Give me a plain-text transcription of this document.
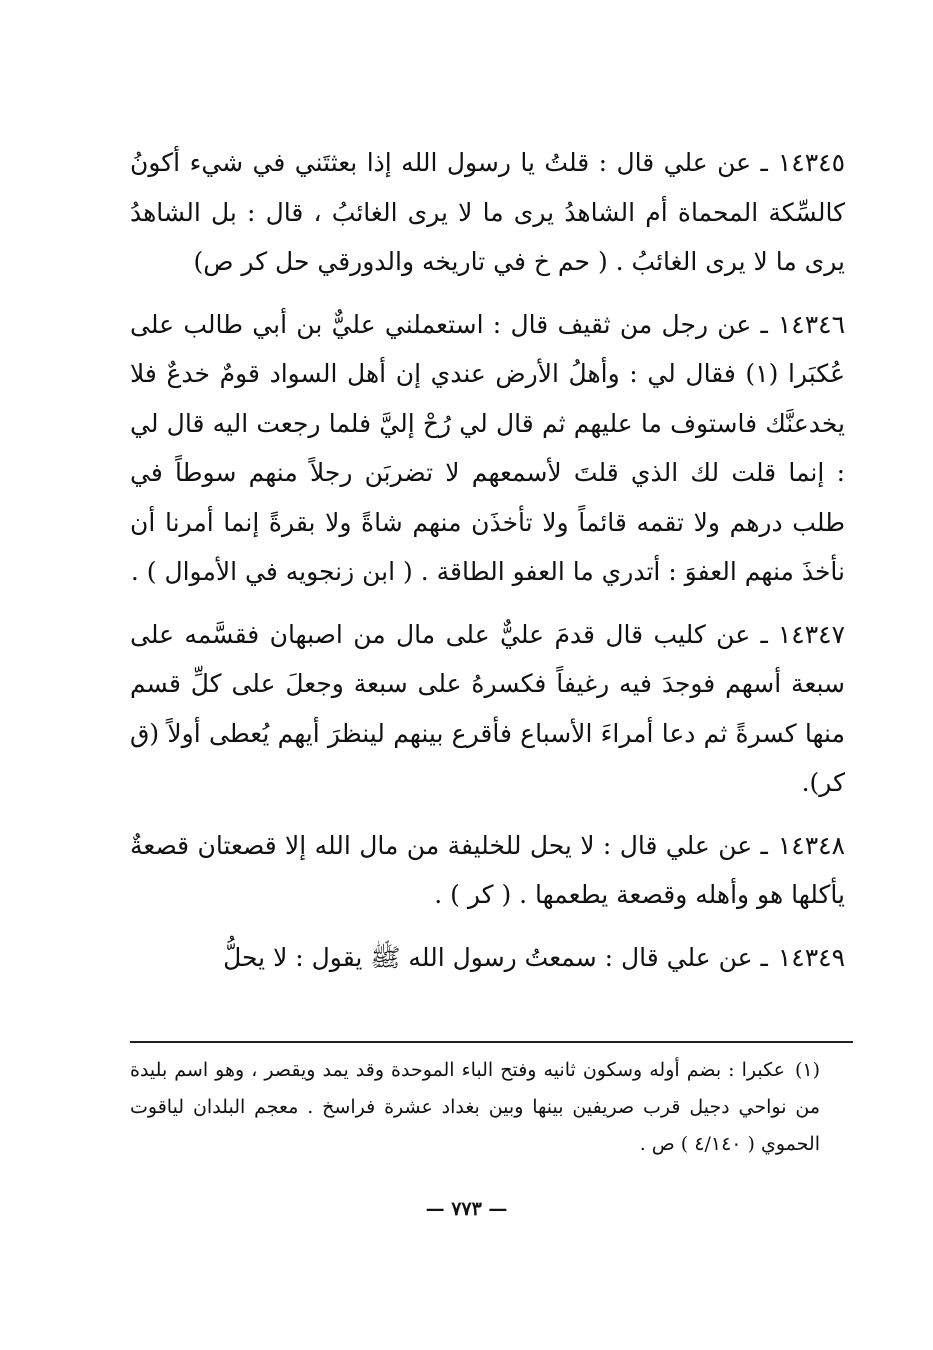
١٤٣٤٥ـ عن علي قال : قلتُ يا رسول الله إذا بعثتَني في شيء أكونُ كالسِّكة المحماة أم الشاهدُ يرى ما لا يرى الغائبُ ، قال : بل الشاهدُ يرى ما لا يرى الغائبُ . ( حم خ في تاريخه والدورقي حل كر ص)

١٤٣٤٦ـ عن رجل من ثقيف قال : استعملني عليٌّ بن أبي طالب على عُكبَرا (١) فقال لي : وأهلُ الأرض عندي إن أهل السواد قومٌ خدعٌ فلا يخدعنَّك فاستوف ما عليهم ثم قال لي رُحْ إليَّ فلما رجعت اليه قال لي : إنما قلت لك الذي قلتَ لأسمعهم لا تضربَن رجلاً منهم سوطاً في طلب درهم ولا تقمه قائماً ولا تأخذَن منهم شاةً ولا بقرةً إنما أمرنا أن نأخذَ منهم العفوَ : أتدري ما العفو الطاقة . ( ابن زنجويه في الأموال ) .

١٤٣٤٧ـ عن كليب قال قدمَ عليٌّ على مال من اصبهان فقسَّمه على سبعة أسهم فوجدَ فيه رغيفاً فكسرهُ على سبعة وجعلَ على كلِّ قسم منها كسرةً ثم دعا أمراءَ الأسباع فأقرع بينهم لينظرَ أيهم يُعطى أولاً (ق كر).

١٤٣٤٨ـ عن علي قال : لا يحل للخليفة من مال الله إلا قصعتان قصعةٌ يأكلها هو وأهله وقصعة يطعمها . ( كر ) .

١٤٣٤٩ـ عن علي قال : سمعتُ رسول الله ﷺ يقول : لا يحلُّ

(١)عكبرا : بضم أوله وسكون ثانيه وفتح الباء الموحدة وقد يمد ويقصر ، وهو اسم بليدة من نواحي دجيل قرب صريفين بينها وبين بغداد عشرة فراسخ . معجم البلدان لياقوت الحموي ( ٤/١٤٠ ) ص .
— ٧٧٣ —
